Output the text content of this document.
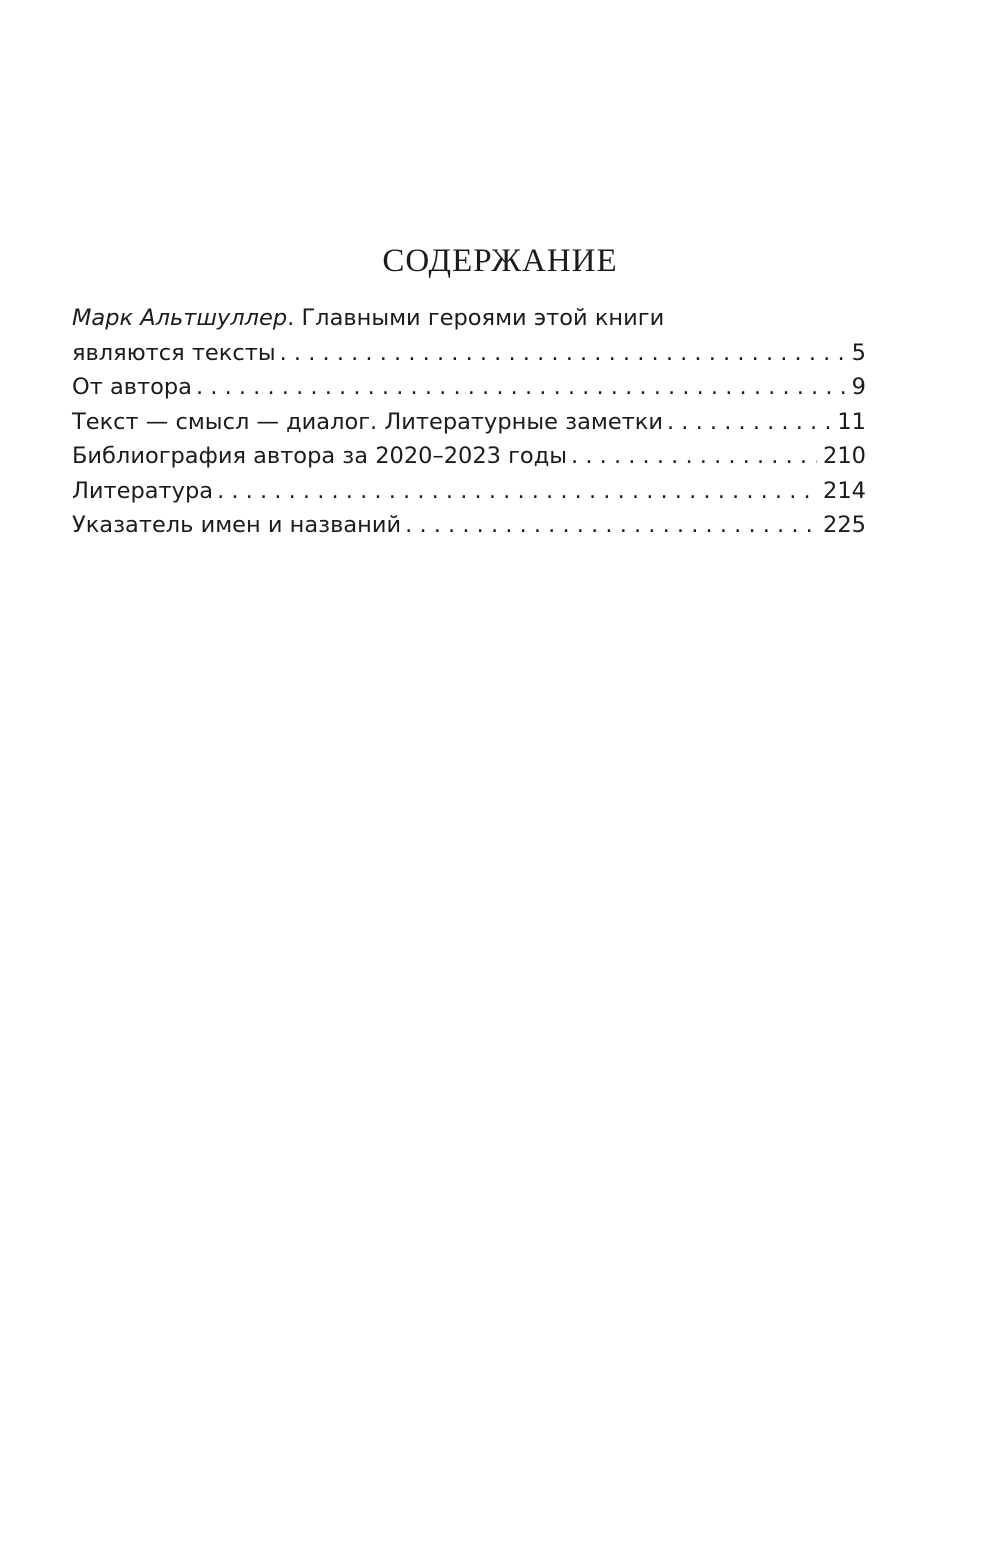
СОДЕРЖАНИЕ
Марк Альтшуллер . Главными героями этой книги
являются тексты . . .	5
От автора . . .	9
Текст — смысл — диалог. Литературные заметки . . .	11
Библиография автора за 2020–2023 годы . . .	210
Литература . . .	214
Указатель имен и названий . . .	225
